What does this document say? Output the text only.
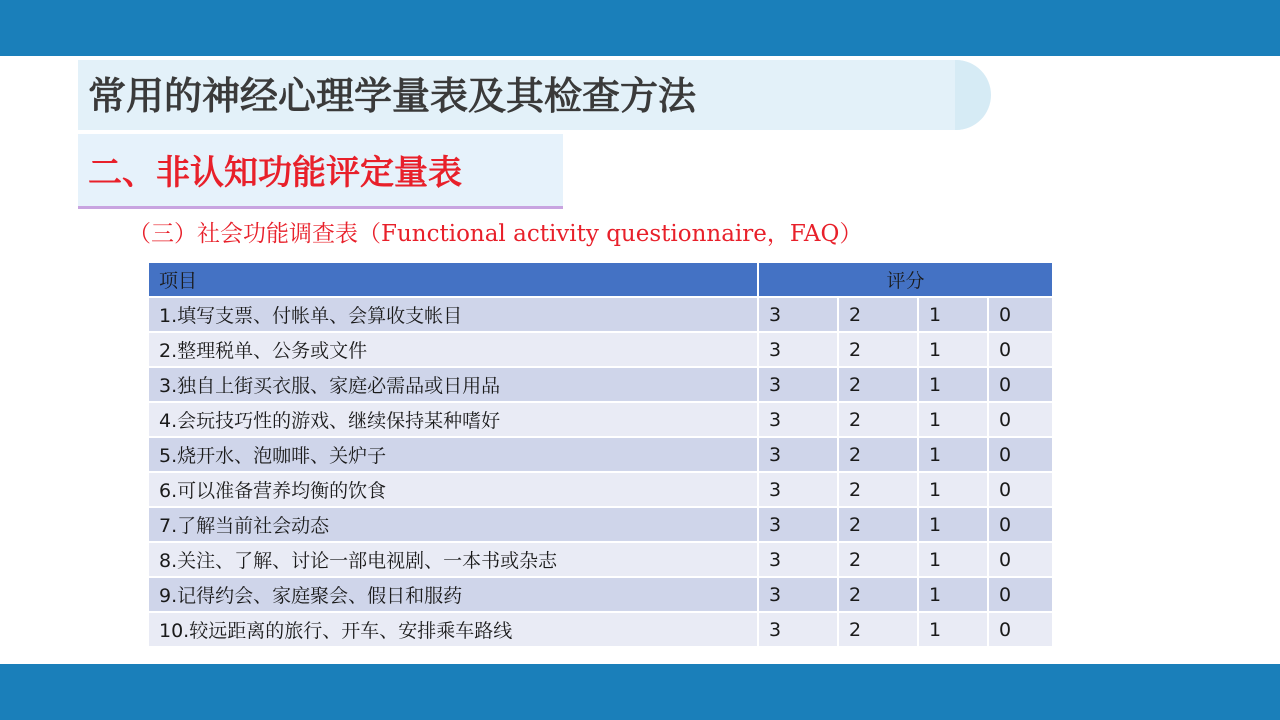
常用的神经心理学量表及其检查方法
二、非认知功能评定量表
（三）社会功能调查表（Functional activity questionnaire，FAQ）
项目	评分			
1.填写支票、付帐单、会算收支帐目	3	2	1	0
2.整理税单、公务或文件	3	2	1	0
3.独自上街买衣服、家庭必需品或日用品	3	2	1	0
4.会玩技巧性的游戏、继续保持某种嗜好	3	2	1	0
5.烧开水、泡咖啡、关炉子	3	2	1	0
6.可以准备营养均衡的饮食	3	2	1	0
7.了解当前社会动态	3	2	1	0
8.关注、了解、讨论一部电视剧、一本书或杂志	3	2	1	0
9.记得约会、家庭聚会、假日和服药	3	2	1	0
10.较远距离的旅行、开车、安排乘车路线	3	2	1	0
